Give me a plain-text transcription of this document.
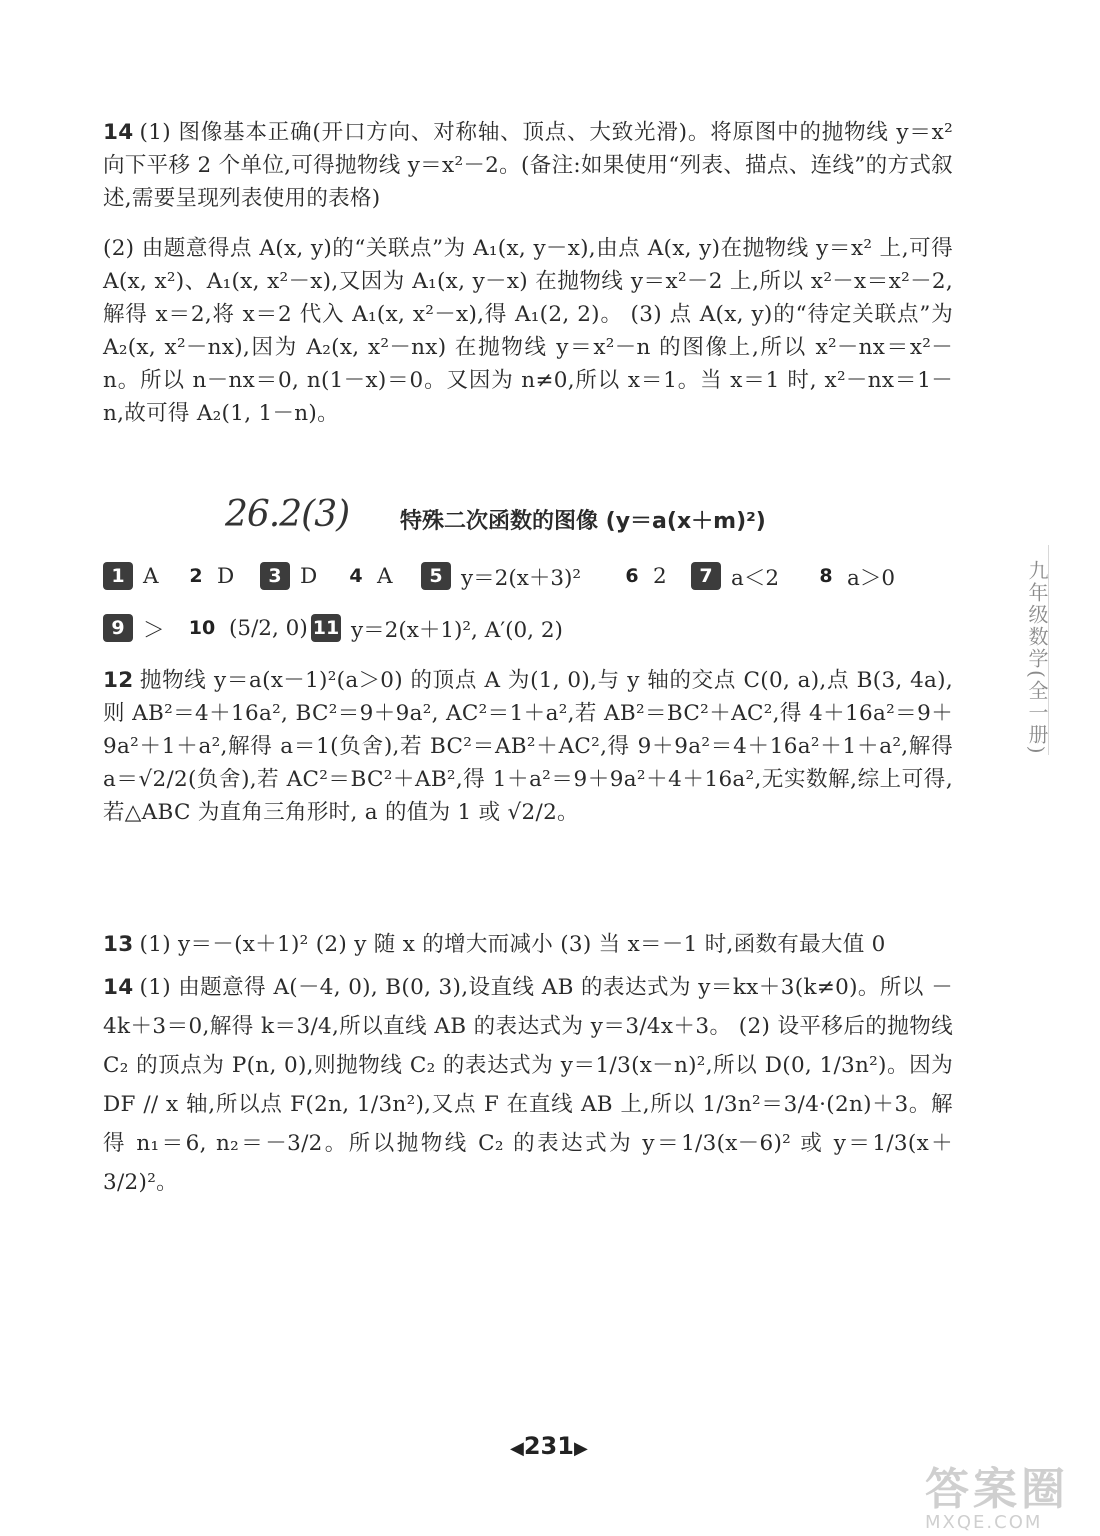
14 (1) 图像基本正确(开口方向、对称轴、顶点、大致光滑)。将原图中的抛物线 y＝x² 向下平移 2 个单位,可得抛物线 y＝x²－2。(备注:如果使用“列表、描点、连线”的方式叙述,需要呈现列表使用的表格)
(2) 由题意得点 A(x, y)的“关联点”为 A₁(x, y－x),由点 A(x, y)在抛物线 y＝x² 上,可得 A(x, x²)、A₁(x, x²－x),又因为 A₁(x, y－x) 在抛物线 y＝x²－2 上,所以 x²－x＝x²－2,解得 x＝2,将 x＝2 代入 A₁(x, x²－x),得 A₁(2, 2)。 (3) 点 A(x, y)的“待定关联点”为 A₂(x, x²－nx),因为 A₂(x, x²－nx) 在抛物线 y＝x²－n 的图像上,所以 x²－nx＝x²－n。所以 n－nx＝0, n(1－x)＝0。又因为 n≠0,所以 x＝1。当 x＝1 时, x²－nx＝1－n,故可得 A₂(1, 1－n)。
26.2(3) 特殊二次函数的图像 (y＝a(x＋m)²)
1 A 2 D	3 D 4 A	5 y＝2(x＋3)² 6 2	7 a＜2 8 a＞0
9 ＞ 10 (5/2, 0) 11 y＝2(x＋1)², A′(0, 2)
12 抛物线 y＝a(x－1)²(a＞0) 的顶点 A 为(1, 0),与 y 轴的交点 C(0, a),点 B(3, 4a),则 AB²＝4＋16a², BC²＝9＋9a², AC²＝1＋a²,若 AB²＝BC²＋AC²,得 4＋16a²＝9＋9a²＋1＋a²,解得 a＝1(负舍),若 BC²＝AB²＋AC²,得 9＋9a²＝4＋16a²＋1＋a²,解得 a＝√2/2(负舍),若 AC²＝BC²＋AB²,得 1＋a²＝9＋9a²＋4＋16a²,无实数解,综上可得,若△ABC 为直角三角形时, a 的值为 1 或 √2/2。
13 (1) y＝－(x＋1)² (2) y 随 x 的增大而减小 (3) 当 x＝－1 时,函数有最大值 0
14 (1) 由题意得 A(－4, 0), B(0, 3),设直线 AB 的表达式为 y＝kx＋3(k≠0)。所以 －4k＋3＝0,解得 k＝3/4,所以直线 AB 的表达式为 y＝3/4x＋3。 (2) 设平移后的抛物线 C₂ 的顶点为 P(n, 0),则抛物线 C₂ 的表达式为 y＝1/3(x－n)²,所以 D(0, 1/3n²)。因为 DF // x 轴,所以点 F(2n, 1/3n²),又点 F 在直线 AB 上,所以 1/3n²＝3/4·(2n)＋3。解得 n₁＝6, n₂＝－3/2。所以抛物线 C₂ 的表达式为 y＝1/3(x－6)² 或 y＝1/3(x＋3/2)²。
九年级数学(全一册)
◀231▶
答案圈
MXQE.COM
